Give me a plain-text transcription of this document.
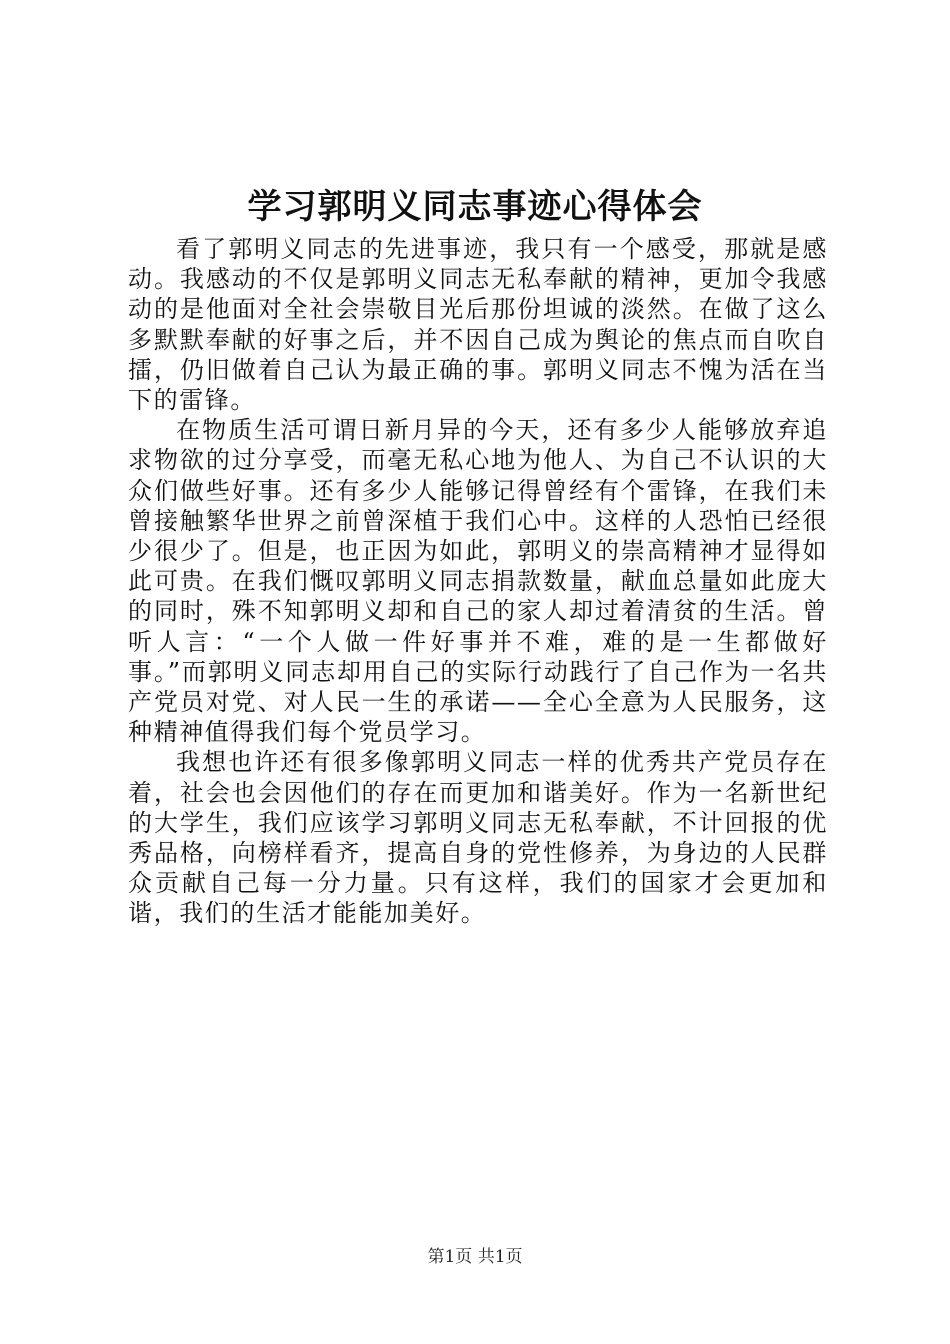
学习郭明义同志事迹心得体会

看了郭明义同志的先进事迹，我只有一个感受，那就是感动。我感动的不仅是郭明义同志无私奉献的精神，更加令我感动的是他面对全社会崇敬目光后那份坦诚的淡然。在做了这么多默默奉献的好事之后，并不因自己成为舆论的焦点而自吹自擂，仍旧做着自己认为最正确的事。郭明义同志不愧为活在当下的雷锋。

在物质生活可谓日新月异的今天，还有多少人能够放弃追求物欲的过分享受，而毫无私心地为他人、为自己不认识的大众们做些好事。还有多少人能够记得曾经有个雷锋，在我们未曾接触繁华世界之前曾深植于我们心中。这样的人恐怕已经很少很少了。但是，也正因为如此，郭明义的崇高精神才显得如此可贵。在我们慨叹郭明义同志捐款数量，献血总量如此庞大的同时，殊不知郭明义却和自己的家人却过着清贫的生活。曾听人言：“一个人做一件好事并不难，难的是一生都做好事。”而郭明义同志却用自己的实际行动践行了自己作为一名共产党员对党、对人民一生的承诺——全心全意为人民服务，这种精神值得我们每个党员学习。

我想也许还有很多像郭明义同志一样的优秀共产党员存在着，社会也会因他们的存在而更加和谐美好。作为一名新世纪的大学生，我们应该学习郭明义同志无私奉献，不计回报的优秀品格，向榜样看齐，提高自身的党性修养，为身边的人民群众贡献自己每一分力量。只有这样，我们的国家才会更加和谐，我们的生活才能能加美好。

第1页 共1页
